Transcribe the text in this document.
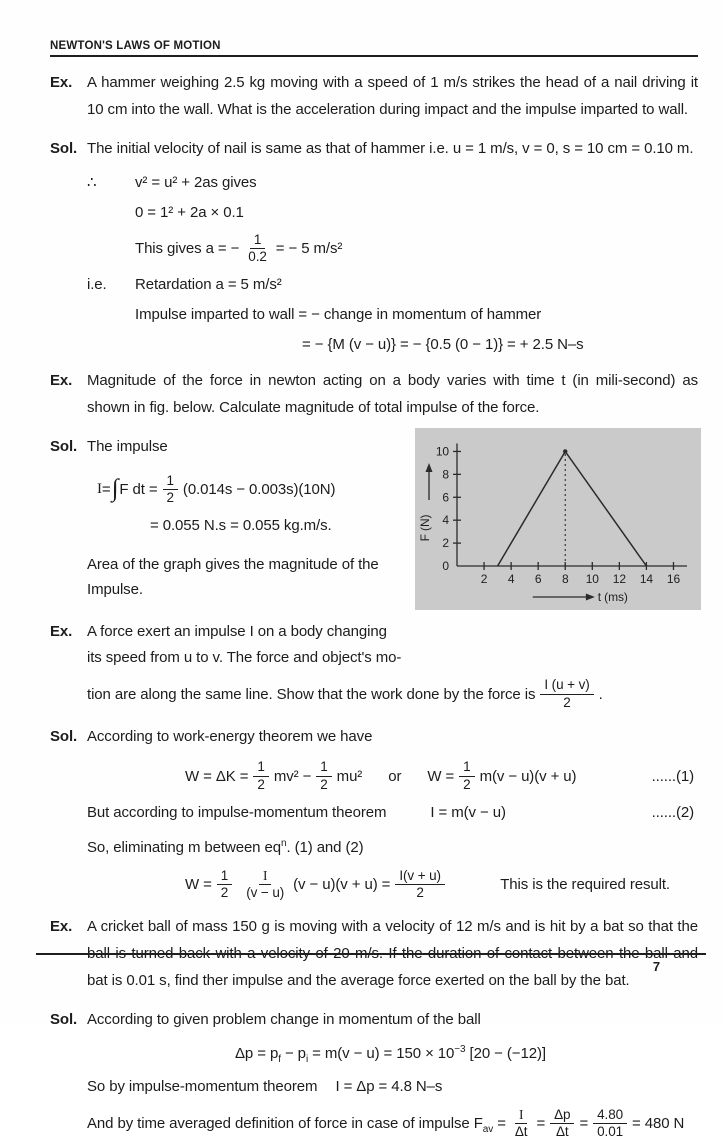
NEWTON'S LAWS OF MOTION
Ex. A hammer weighing 2.5 kg moving with a speed of 1 m/s strikes the head of a nail driving it 10 cm into the wall. What is the acceleration during impact and the impulse imparted to wall.
Sol. The initial velocity of nail is same as that of hammer i.e. u = 1 m/s, v = 0, s = 10 cm = 0.10 m.
∴	v² = u² + 2as gives
0 = 1² + 2a × 0.1
This gives a = − $\frac{1}{0.2}$ = − 5 m/s²
i.e.	Retardation a = 5 m/s²
Impulse imparted to wall = − change in momentum of hammer
= − {M (v − u)} = − {0.5 (0 − 1)} = + 2.5 N–s
Ex. Magnitude of the force in newton acting on a body varies with time t (in mili-second) as shown in fig. below. Calculate magnitude of total impulse of the force.
Sol. The impulse
I = ∫ F dt = $\frac{1}{2} (0.014s - 0.003s)(10N)$
= 0.055 N.s = 0.055 kg.m/s.
Area of the graph gives the magnitude of the Impulse.
Ex. A force exert an impulse I on a body changing
its speed from u to v. The force and object's mo-
0
2
4
6
8
10
2 4 6 8 10 12 14 16
F (N)
t (ms)
tion are along the same line. Show that the work done by the force is $\frac{I (u + v)}{2}$ .
Sol. According to work-energy theorem we have
$W = \Delta K = \frac{1}{2} mv^2 - \frac{1}{2} mu^2$ or $W = \frac{1}{2} m(v - u)(v + u)$	......(1)
But according to impulse-momentum theorem	I = m(v − u)	......(2)
So, eliminating m between $eq^n$. (1) and (2)
$W = \frac{1}{2} \frac{I}{(v - u)} (v - u)(v + u) = \frac{I(v + u)}{2}$	This is the required result.
Ex. A cricket ball of mass 150 g is moving with a velocity of 12 m/s and is hit by a bat so that the ball is turned back with a velocity of 20 m/s. If the duration of contact between the ball and bat is 0.01 s, find ther impulse and the average force exerted on the ball by the bat.
Sol. According to given problem change in momentum of the ball
$\Delta p = p_f - p_i = m(v - u) = 150 \times 10^{-3}$ [20 − (−12)]
So by impulse-momentum theorem I = Δp = 4.8 N–s
And by time averaged definition of force in case of impulse $F_{av} = \frac{I}{\Delta t} = \frac{\Delta p}{\Delta t} = \frac{4.80}{0.01} = 480$ N
7
